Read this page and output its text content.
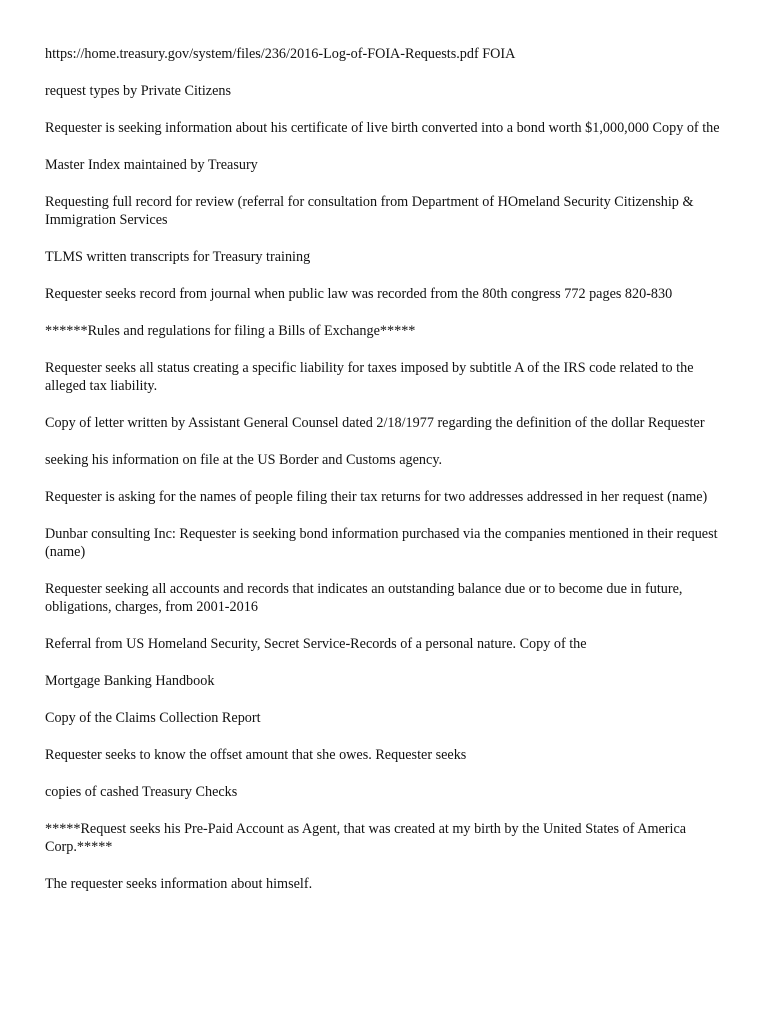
https://home.treasury.gov/system/files/236/2016-Log-of-FOIA-Requests.pdf FOIA

request types by Private Citizens

Requester is seeking information about his certificate of live birth converted into a bond worth $1,000,000 Copy of the

Master Index maintained by Treasury

Requesting full record for review (referral for consultation from Department of HOmeland Security Citizenship & Immigration Services

TLMS written transcripts for Treasury training

Requester seeks record from journal when public law was recorded from the 80th congress 772 pages 820-830

******Rules and regulations for filing a Bills of Exchange*****

Requester seeks all status creating a specific liability for taxes imposed by subtitle A of the IRS code related to the alleged tax liability.

Copy of letter written by Assistant General Counsel dated 2/18/1977 regarding the definition of the dollar Requester

seeking his information on file at the US Border and Customs agency.

Requester is asking for the names of people filing their tax returns for two addresses addressed in her request (name)

Dunbar consulting Inc: Requester is seeking bond information purchased via the companies mentioned in their request (name)

Requester seeking all accounts and records that indicates an outstanding balance due or to become due in future, obligations, charges, from 2001-2016

Referral from US Homeland Security, Secret Service-Records of a personal nature. Copy of the

Mortgage Banking Handbook

Copy of the Claims Collection Report

Requester seeks to know the offset amount that she owes. Requester seeks

copies of cashed Treasury Checks

*****Request seeks his Pre-Paid Account as Agent, that was created at my birth by the United States of America Corp.*****

The requester seeks information about himself.
